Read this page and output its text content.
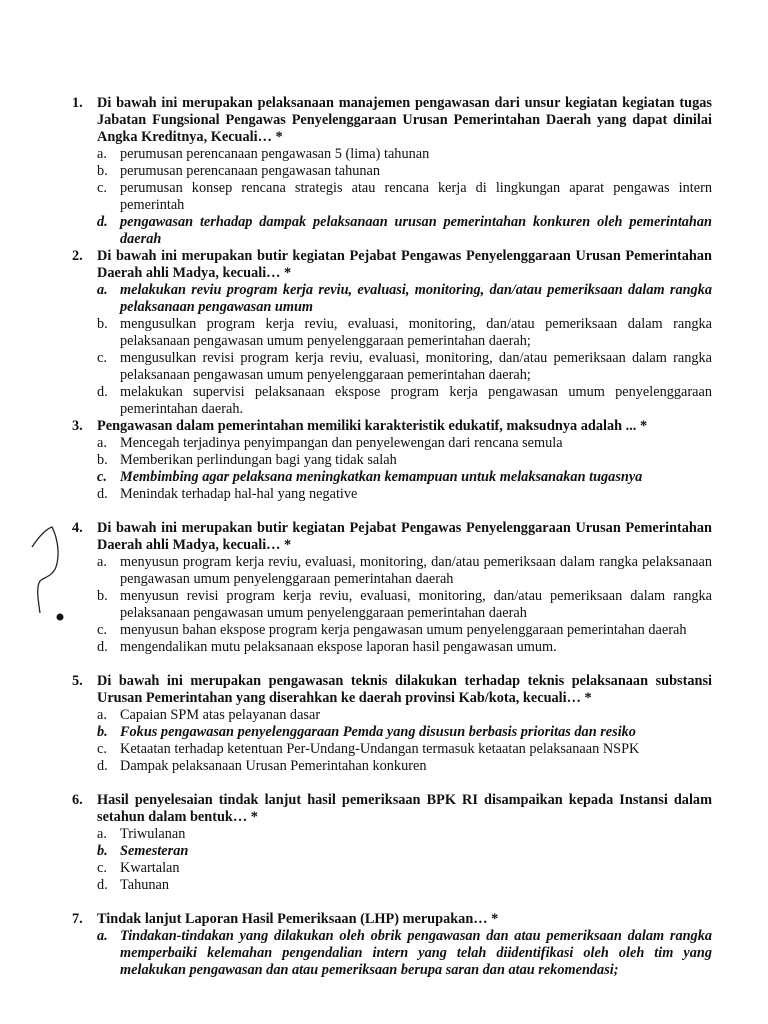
1. Di bawah ini merupakan pelaksanaan manajemen pengawasan dari unsur kegiatan kegiatan tugas Jabatan Fungsional Pengawas Penyelenggaraan Urusan Pemerintahan Daerah yang dapat dinilai Angka Kreditnya, Kecuali… *
a. perumusan perencanaan pengawasan 5 (lima) tahunan
b. perumusan perencanaan pengawasan tahunan
c. perumusan konsep rencana strategis atau rencana kerja di lingkungan aparat pengawas intern pemerintah
d. pengawasan terhadap dampak pelaksanaan urusan pemerintahan konkuren oleh pemerintahan daerah
2. Di bawah ini merupakan butir kegiatan Pejabat Pengawas Penyelenggaraan Urusan Pemerintahan Daerah ahli Madya, kecuali… *
a. melakukan reviu program kerja reviu, evaluasi, monitoring, dan/atau pemeriksaan dalam rangka pelaksanaan pengawasan umum
b. mengusulkan program kerja reviu, evaluasi, monitoring, dan/atau pemeriksaan dalam rangka pelaksanaan pengawasan umum penyelenggaraan pemerintahan daerah;
c. mengusulkan revisi program kerja reviu, evaluasi, monitoring, dan/atau pemeriksaan dalam rangka pelaksanaan pengawasan umum penyelenggaraan pemerintahan daerah;
d. melakukan supervisi pelaksanaan ekspose program kerja pengawasan umum penyelenggaraan pemerintahan daerah.
3. Pengawasan dalam pemerintahan memiliki karakteristik edukatif, maksudnya adalah ... *
a. Mencegah terjadinya penyimpangan dan penyelewengan dari rencana semula
b. Memberikan perlindungan bagi yang tidak salah
c. Membimbing agar pelaksana meningkatkan kemampuan untuk melaksanakan tugasnya
d. Menindak terhadap hal-hal yang negative
4. Di bawah ini merupakan butir kegiatan Pejabat Pengawas Penyelenggaraan Urusan Pemerintahan Daerah ahli Madya, kecuali… *
a. menyusun program kerja reviu, evaluasi, monitoring, dan/atau pemeriksaan dalam rangka pelaksanaan pengawasan umum penyelenggaraan pemerintahan daerah
b. menyusun revisi program kerja reviu, evaluasi, monitoring, dan/atau pemeriksaan dalam rangka pelaksanaan pengawasan umum penyelenggaraan pemerintahan daerah
c. menyusun bahan ekspose program kerja pengawasan umum penyelenggaraan pemerintahan daerah
d. mengendalikan mutu pelaksanaan ekspose laporan hasil pengawasan umum.
5. Di bawah ini merupakan pengawasan teknis dilakukan terhadap teknis pelaksanaan substansi Urusan Pemerintahan yang diserahkan ke daerah provinsi Kab/kota, kecuali… *
a. Capaian SPM atas pelayanan dasar
b. Fokus pengawasan penyelenggaraan Pemda yang disusun berbasis prioritas dan resiko
c. Ketaatan terhadap ketentuan Per-Undang-Undangan termasuk ketaatan pelaksanaan NSPK
d. Dampak pelaksanaan Urusan Pemerintahan konkuren
6. Hasil penyelesaian tindak lanjut hasil pemeriksaan BPK RI disampaikan kepada Instansi dalam setahun dalam bentuk… *
a. Triwulanan
b. Semesteran
c. Kwartalan
d. Tahunan
7. Tindak lanjut Laporan Hasil Pemeriksaan (LHP) merupakan… *
a. Tindakan-tindakan yang dilakukan oleh obrik pengawasan dan atau pemeriksaan dalam rangka memperbaiki kelemahan pengendalian intern yang telah diidentifikasi oleh oleh tim yang melakukan pengawasan dan atau pemeriksaan berupa saran dan atau rekomendasi;
